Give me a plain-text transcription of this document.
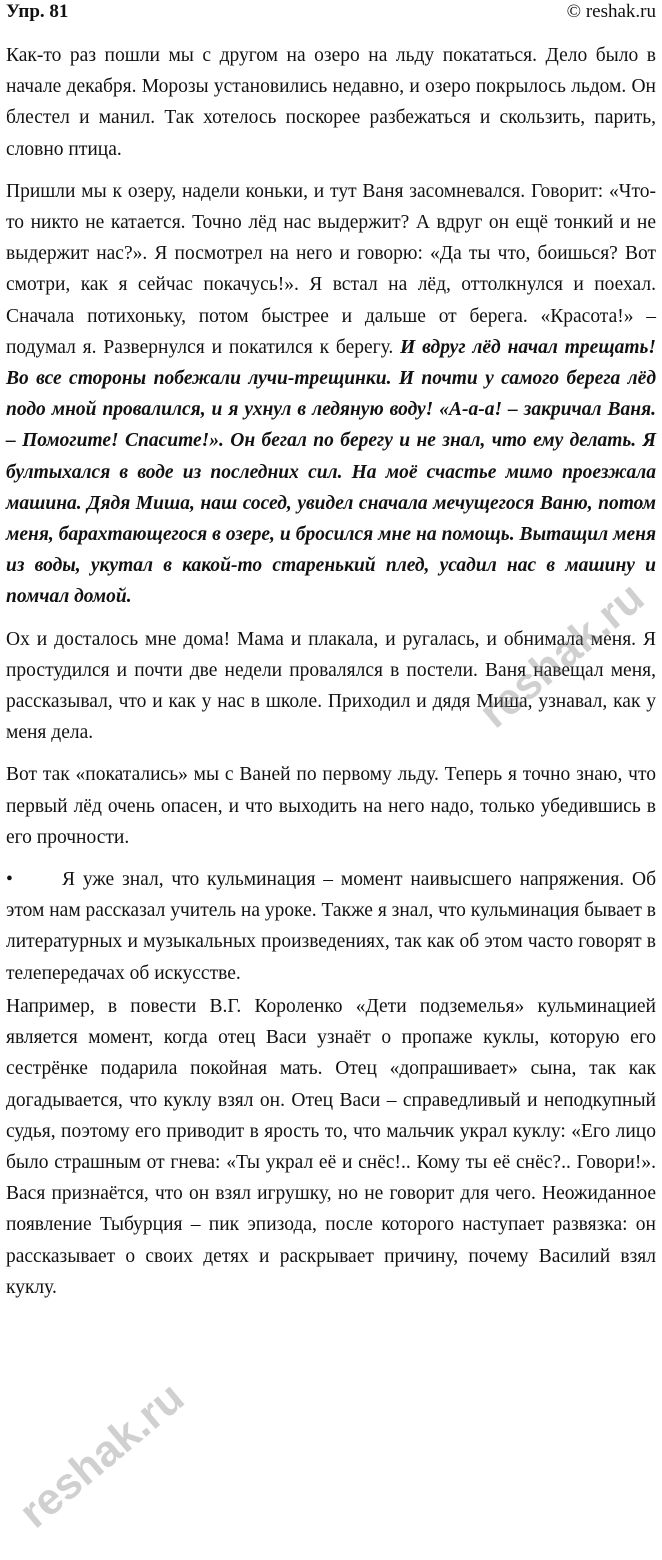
Упр. 81	© reshak.ru

Как-то раз пошли мы с другом на озеро на льду покататься. Дело было в начале декабря. Морозы установились недавно, и озеро покрылось льдом. Он блестел и манил. Так хотелось поскорее разбежаться и скользить, парить, словно птица.

Пришли мы к озеру, надели коньки, и тут Ваня засомневался. Говорит: «Что-то никто не катается. Точно лёд нас выдержит? А вдруг он ещё тонкий и не выдержит нас?». Я посмотрел на него и говорю: «Да ты что, боишься? Вот смотри, как я сейчас покачусь!». Я встал на лёд, оттолкнулся и поехал. Сначала потихоньку, потом быстрее и дальше от берега. «Красота!» – подумал я. Развернулся и покатился к берегу. И вдруг лёд начал трещать! Во все стороны побежали лучи-трещинки. И почти у самого берега лёд подо мной провалился, и я ухнул в ледяную воду! «А-а-а! – закричал Ваня. – Помогите! Спасите!». Он бегал по берегу и не знал, что ему делать. Я бултыхался в воде из последних сил. На моё счастье мимо проезжала машина. Дядя Миша, наш сосед, увидел сначала мечущегося Ваню, потом меня, барахтающегося в озере, и бросился мне на помощь. Вытащил меня из воды, укутал в какой-то старенький плед, усадил нас в машину и помчал домой.

Ох и досталось мне дома! Мама и плакала, и ругалась, и обнимала меня. Я простудился и почти две недели провалялся в постели. Ваня навещал меня, рассказывал, что и как у нас в школе. Приходил и дядя Миша, узнавал, как у меня дела.

Вот так «покатались» мы с Ваней по первому льду. Теперь я точно знаю, что первый лёд очень опасен, и что выходить на него надо, только убедившись в его прочности.

•	Я уже знал, что кульминация – момент наивысшего напряжения. Об этом нам рассказал учитель на уроке. Также я знал, что кульминация бывает в литературных и музыкальных произведениях, так как об этом часто говорят в телепередачах об искусстве.

Например, в повести В.Г. Короленко «Дети подземелья» кульминацией является момент, когда отец Васи узнаёт о пропаже куклы, которую его сестрёнке подарила покойная мать. Отец «допрашивает» сына, так как догадывается, что куклу взял он. Отец Васи – справедливый и неподкупный судья, поэтому его приводит в ярость то, что мальчик украл куклу: «Его лицо было страшным от гнева: «Ты украл её и снёс!.. Кому ты её снёс?.. Говори!». Вася признаётся, что он взял игрушку, но не говорит для чего. Неожиданное появление Тыбурция – пик эпизода, после которого наступает развязка: он рассказывает о своих детях и раскрывает причину, почему Василий взял куклу.

reshak.ru
reshak.ru
